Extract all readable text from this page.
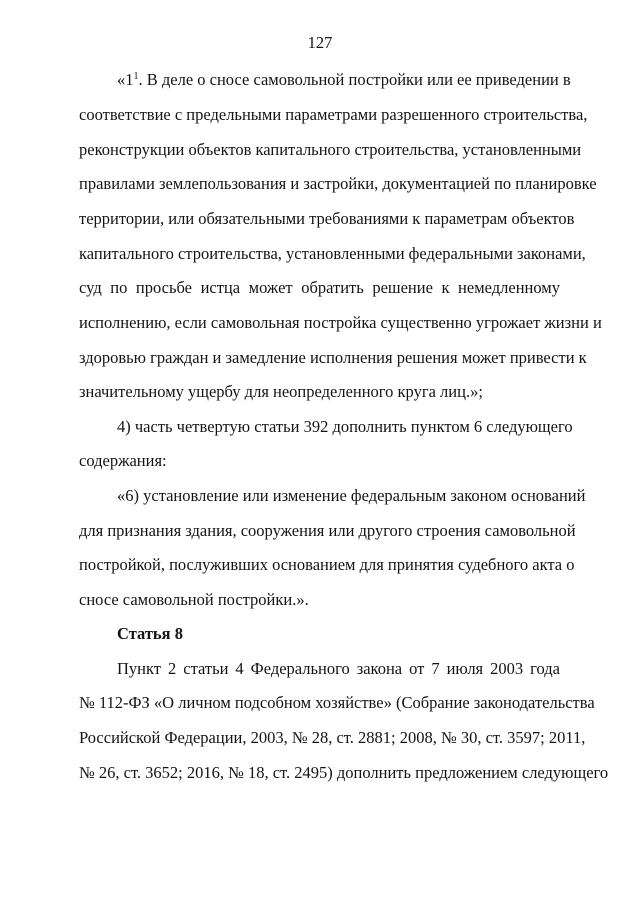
127
«$1^1$. В деле о сносе самовольной постройки или ее приведении в
соответствие с предельными параметрами разрешенного строительства,
реконструкции объектов капитального строительства, установленными
правилами землепользования и застройки, документацией по планировке
территории, или обязательными требованиями к параметрам объектов
капитального строительства, установленными федеральными законами,
суд по просьбе истца может обратить решение к немедленному
исполнению, если самовольная постройка существенно угрожает жизни и
здоровью граждан и замедление исполнения решения может привести к
значительному ущербу для неопределенного круга лиц.»;
4) часть четвертую статьи 392 дополнить пунктом 6 следующего
содержания:
«6) установление или изменение федеральным законом оснований
для признания здания, сооружения или другого строения самовольной
постройкой, послуживших основанием для принятия судебного акта о
сносе самовольной постройки.».
Статья 8
Пункт 2 статьи 4 Федерального закона от 7 июля 2003 года
№ 112-ФЗ «О личном подсобном хозяйстве» (Собрание законодательства
Российской Федерации, 2003, № 28, ст. 2881; 2008, № 30, ст. 3597; 2011,
№ 26, ст. 3652; 2016, № 18, ст. 2495) дополнить предложением следующего
